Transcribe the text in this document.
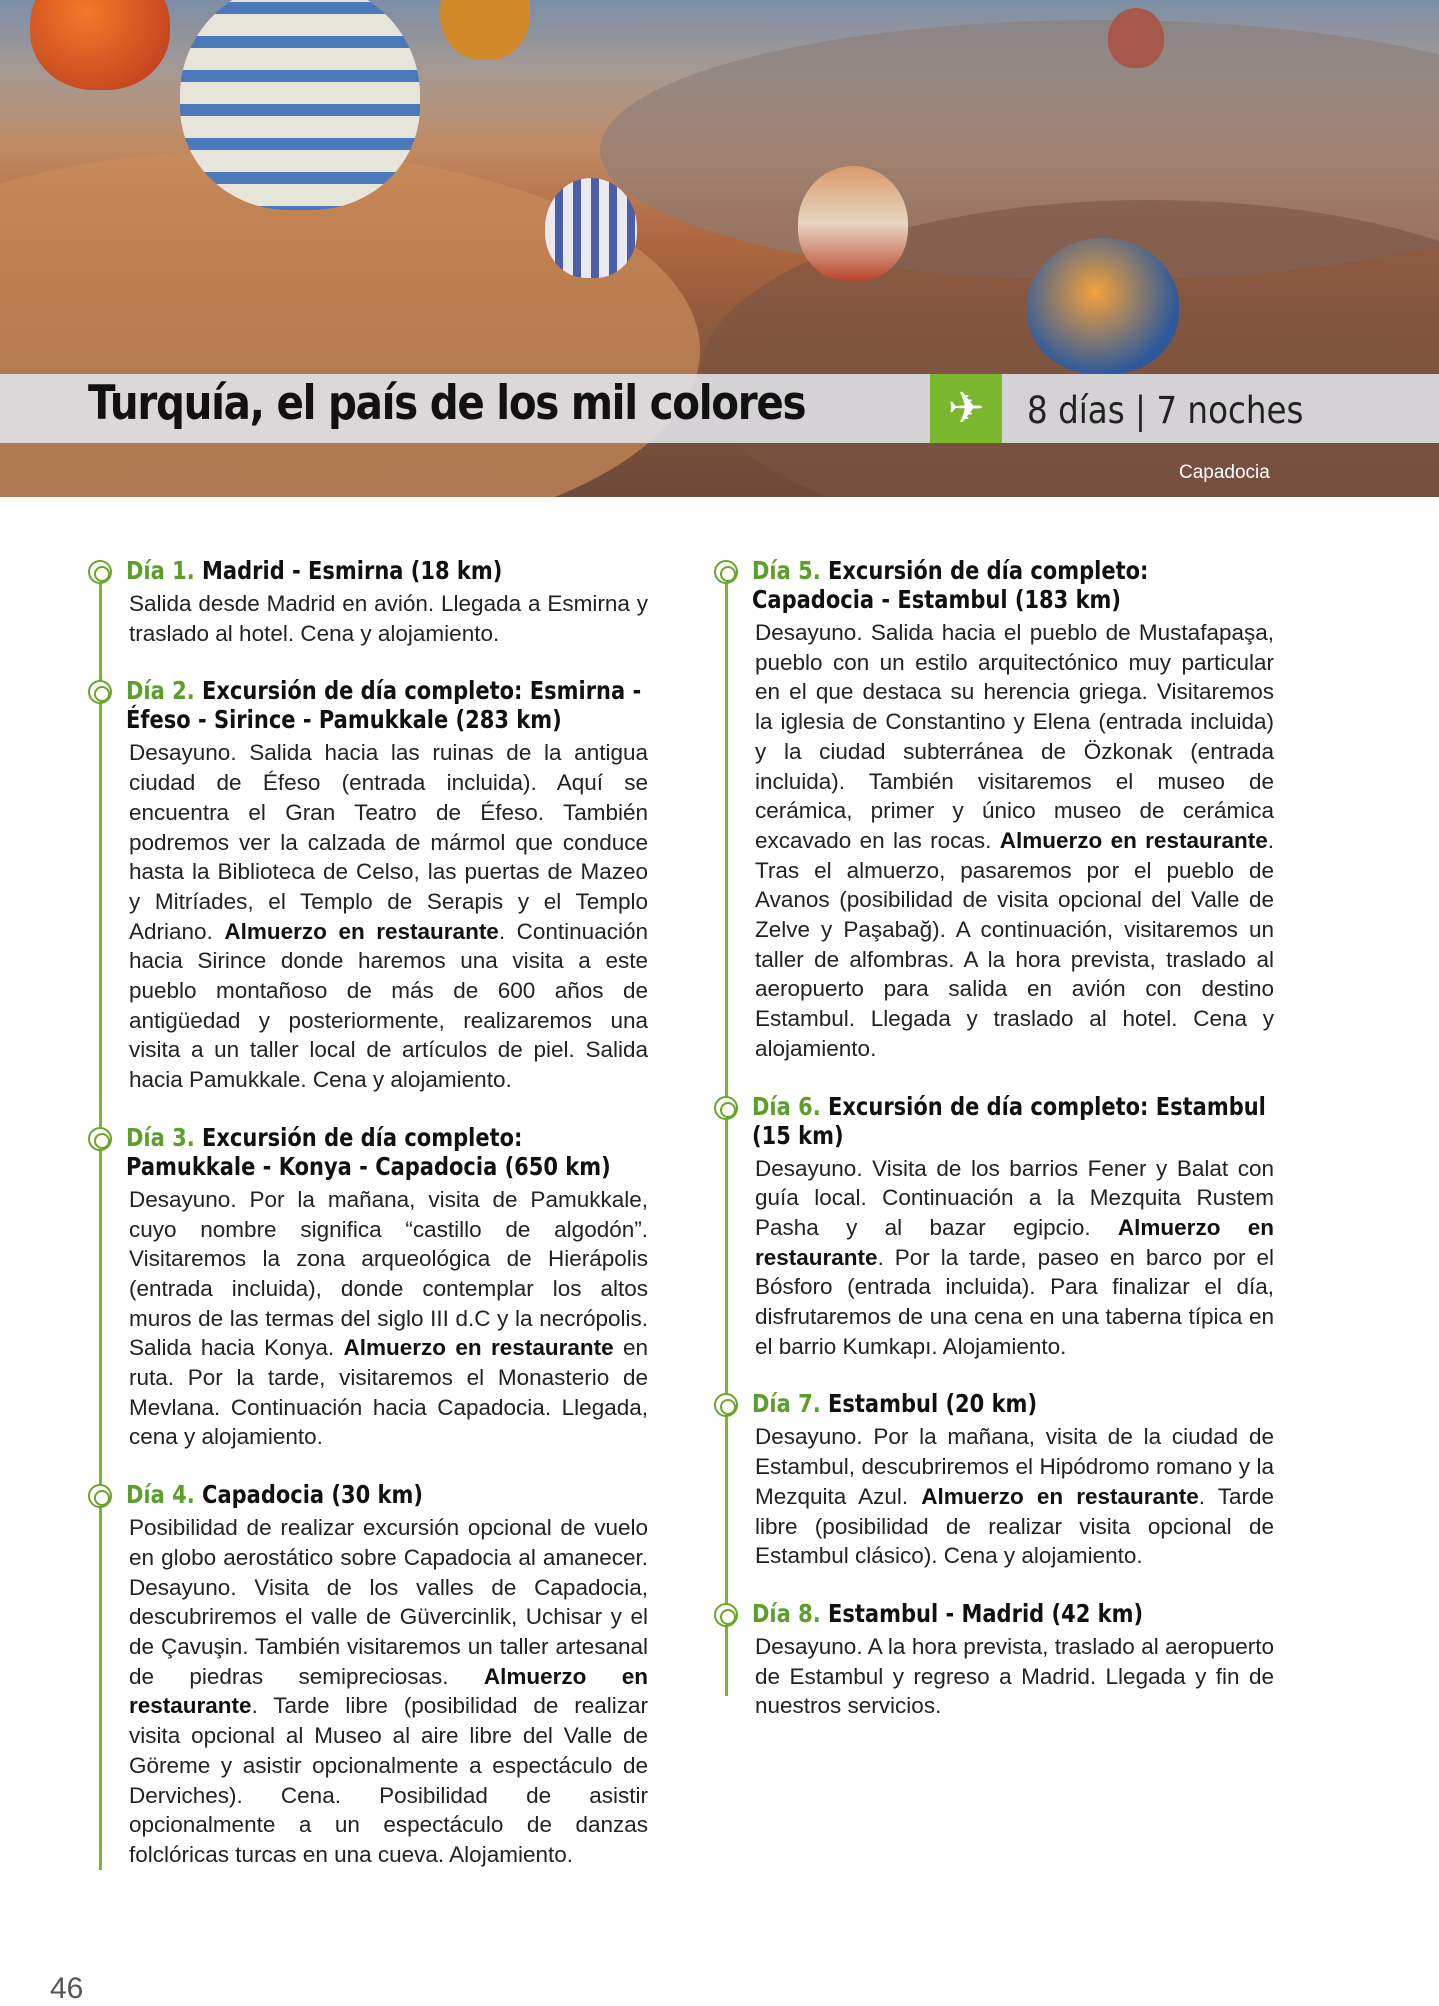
Turquía, el país de los mil colores	✈	8 días | 7 noches
Capadocia
Día 1. Madrid - Esmirna (18 km)

Salida desde Madrid en avión. Llegada a Esmirna y traslado al hotel. Cena y alojamiento.

Día 2. Excursión de día completo: Esmirna - Éfeso - Sirince - Pamukkale (283 km)

Desayuno. Salida hacia las ruinas de la antigua ciudad de Éfeso (entrada incluida). Aquí se encuentra el Gran Teatro de Éfeso. También podremos ver la calzada de mármol que conduce hasta la Biblioteca de Celso, las puertas de Mazeo y Mitríades, el Templo de Serapis y el Templo Adriano. Almuerzo en restaurante. Continuación hacia Sirince donde haremos una visita a este pueblo montañoso de más de 600 años de antigüedad y posteriormente, realizaremos una visita a un taller local de artículos de piel. Salida hacia Pamukkale. Cena y alojamiento.

Día 3. Excursión de día completo: Pamukkale - Konya - Capadocia (650 km)

Desayuno. Por la mañana, visita de Pamukkale, cuyo nombre significa “castillo de algodón”. Visitaremos la zona arqueológica de Hierápolis (entrada incluida), donde contemplar los altos muros de las termas del siglo III d.C y la necrópolis. Salida hacia Konya. Almuerzo en restaurante en ruta. Por la tarde, visitaremos el Monasterio de Mevlana. Continuación hacia Capadocia. Llegada, cena y alojamiento.

Día 4. Capadocia (30 km)

Posibilidad de realizar excursión opcional de vuelo en globo aerostático sobre Capadocia al amanecer. Desayuno. Visita de los valles de Capadocia, descubriremos el valle de Güvercinlik, Uchisar y el de Çavuşin. También visitaremos un taller artesanal de piedras semipreciosas. Almuerzo en restaurante. Tarde libre (posibilidad de realizar visita opcional al Museo al aire libre del Valle de Göreme y asistir opcionalmente a espectáculo de Derviches). Cena. Posibilidad de asistir opcionalmente a un espectáculo de danzas folclóricas turcas en una cueva. Alojamiento.

Día 5. Excursión de día completo: Capadocia - Estambul (183 km)

Desayuno. Salida hacia el pueblo de Mustafapaşa, pueblo con un estilo arquitectónico muy particular en el que destaca su herencia griega. Visitaremos la iglesia de Constantino y Elena (entrada incluida) y la ciudad subterránea de Özkonak (entrada incluida). También visitaremos el museo de cerámica, primer y único museo de cerámica excavado en las rocas. Almuerzo en restaurante. Tras el almuerzo, pasaremos por el pueblo de Avanos (posibilidad de visita opcional del Valle de Zelve y Paşabağ). A continuación, visitaremos un taller de alfombras. A la hora prevista, traslado al aeropuerto para salida en avión con destino Estambul. Llegada y traslado al hotel. Cena y alojamiento.

Día 6. Excursión de día completo: Estambul (15 km)

Desayuno. Visita de los barrios Fener y Balat con guía local. Continuación a la Mezquita Rustem Pasha y al bazar egipcio. Almuerzo en restaurante. Por la tarde, paseo en barco por el Bósforo (entrada incluida). Para finalizar el día, disfrutaremos de una cena en una taberna típica en el barrio Kumkapı. Alojamiento.

Día 7. Estambul (20 km)

Desayuno. Por la mañana, visita de la ciudad de Estambul, descubriremos el Hipódromo romano y la Mezquita Azul. Almuerzo en restaurante. Tarde libre (posibilidad de realizar visita opcional de Estambul clásico). Cena y alojamiento.

Día 8. Estambul - Madrid (42 km)

Desayuno. A la hora prevista, traslado al aeropuerto de Estambul y regreso a Madrid. Llegada y fin de nuestros servicios.

46
